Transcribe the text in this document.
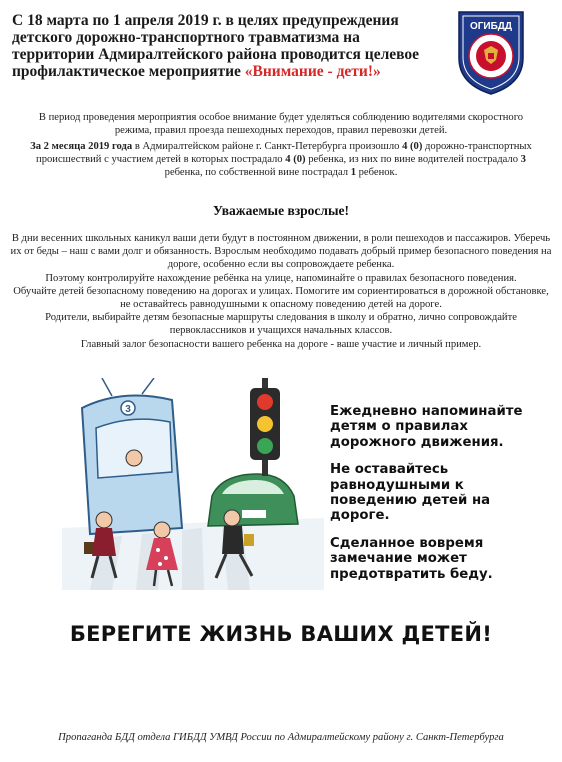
С 18 марта по 1 апреля 2019 г. в целях предупреждения детского дорожно-транспортного травматизма на территории Адмиралтейского района проводится целевое профилактическое мероприятие «Внимание - дети!»
ОГИБДД
В период проведения мероприятия особое внимание будет уделяться соблюдению водителями скоростного режима, правил проезда пешеходных переходов, правил перевозки детей.
За 2 месяца 2019 года в Адмиралтейском районе г. Санкт-Петербурга произошло 4 (0) дорожно-транспортных происшествий с участием детей в которых пострадало 4 (0) ребенка, из них по вине водителей пострадало 3 ребенка, по собственной вине пострадал 1 ребенок.
Уважаемые взрослые!
В дни весенних школьных каникул ваши дети будут в постоянном движении, в роли пешеходов и пассажиров. Уберечь их от беды – наш с вами долг и обязанность. Взрослым необходимо подавать добрый пример безопасного поведения на дороге, особенно если вы сопровождаете ребенка.
Поэтому контролируйте нахождение ребёнка на улице, напоминайте о правилах безопасного поведения.
Обучайте детей безопасному поведению на дорогах и улицах. Помогите им сориентироваться в дорожной обстановке, не оставайтесь равнодушными к опасному поведению детей на дороге.
Родители, выбирайте детям безопасные маршруты следования в школу и обратно, лично сопровождайте первоклассников и учащихся начальных классов.
Главный залог безопасности вашего ребенка на дороге - ваше участие и личный пример.
3	Ежедневно напоминайте детям о правилах дорожного движения.
Не оставайтесь равнодушными к поведению детей на дороге.
Сделанное вовремя замечание может предотвратить беду.
БЕРЕГИТЕ ЖИЗНЬ ВАШИХ ДЕТЕЙ!
Пропаганда БДД отдела ГИБДД УМВД России по Адмиралтейскому району г. Санкт-Петербурга
